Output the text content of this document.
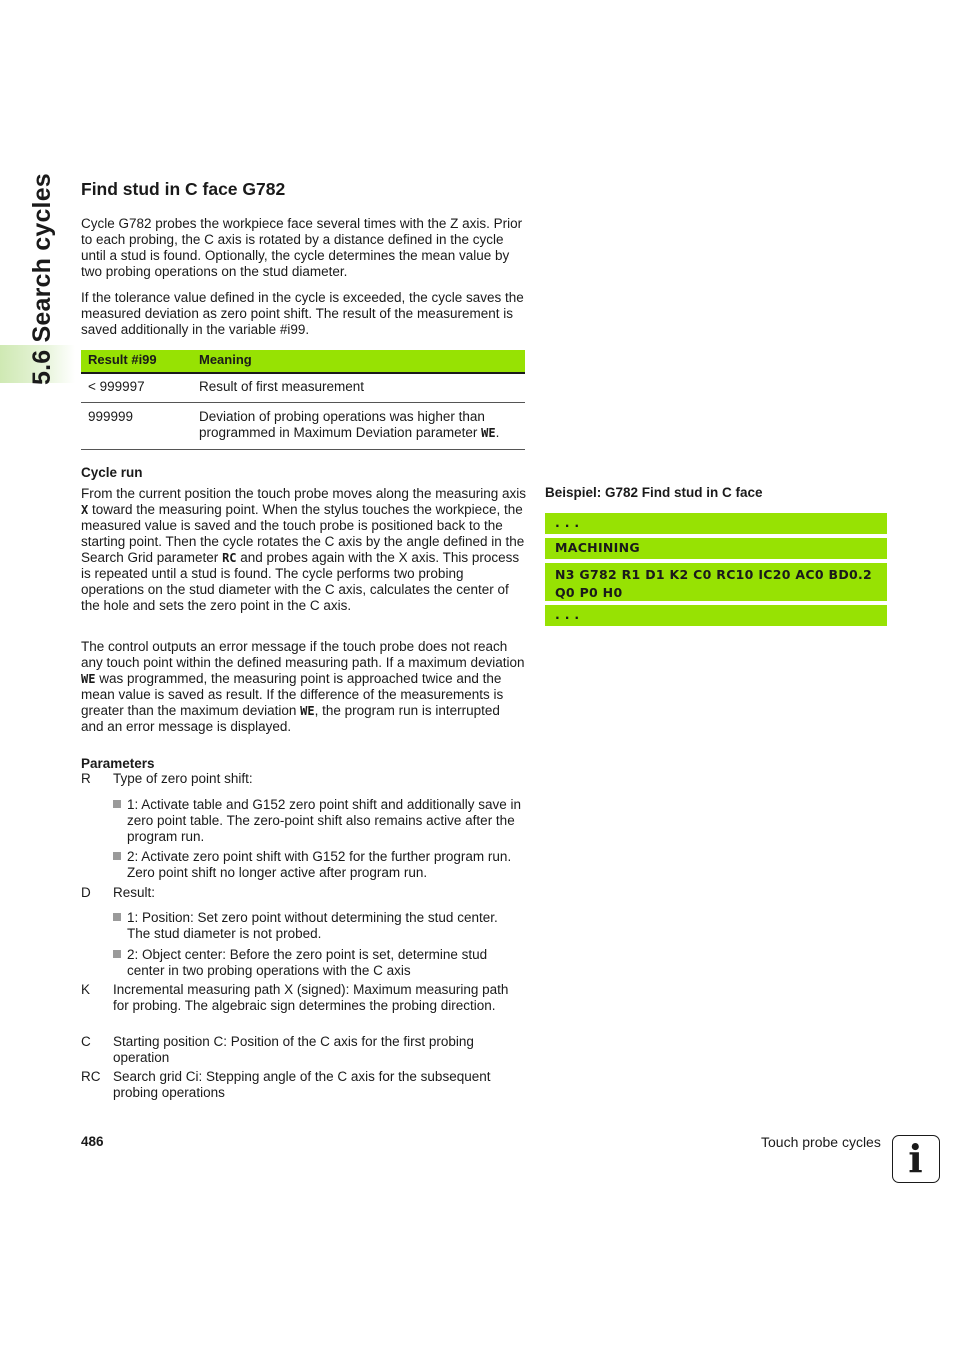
5.6 Search cycles Find stud in C face G782

Cycle G782 probes the workpiece face several times with the Z axis. Prior to each probing, the C axis is rotated by a distance defined in the cycle until a stud is found. Optionally, the cycle determines the mean value by two probing operations on the stud diameter.

If the tolerance value defined in the cycle is exceeded, the cycle saves the measured deviation as zero point shift. The result of the measurement is saved additionally in the variable #i99.

Result #i99	Meaning
< 999997	Result of first measurement
999999	Deviation of probing operations was higher than
programmed in Maximum Deviation parameter WE.
Cycle run

From the current position the touch probe moves along the measuring axis X toward the measuring point. When the stylus touches the workpiece, the measured value is saved and the touch probe is positioned back to the starting point. Then the cycle rotates the C axis by the angle defined in the Search Grid parameter RC and probes again with the X axis. This process is repeated until a stud is found. The cycle performs two probing operations on the stud diameter with the C axis, calculates the center of the hole and sets the zero point in the C axis.

The control outputs an error message if the touch probe does not reach any touch point within the defined measuring path. If a maximum deviation WE was programmed, the measuring point is approached twice and the mean value is saved as result. If the difference of the measurements is greater than the maximum deviation WE, the program run is interrupted and an error message is displayed.

Parameters
R Type of zero point shift:
1: Activate table and G152 zero point shift and additionally save in zero point table. The zero-point shift also remains active after the program run.
2: Activate zero point shift with G152 for the further program run. Zero point shift no longer active after program run.
D Result:
1: Position: Set zero point without determining the stud center. The stud diameter is not probed.
2: Object center: Before the zero point is set, determine stud center in two probing operations with the C axis
K Incremental measuring path X (signed): Maximum measuring path for probing. The algebraic sign determines the probing direction.
C Starting position C: Position of the C axis for the first probing operation
RC Search grid Ci: Stepping angle of the C axis for the subsequent probing operations
Beispiel: G782 Find stud in C face
. . .
MACHINING
N3 G782 R1 D1 K2 C0 RC10 IC20 AC0 BD0.2 Q0 P0 H0
. . .
486	Touch probe cycles i
